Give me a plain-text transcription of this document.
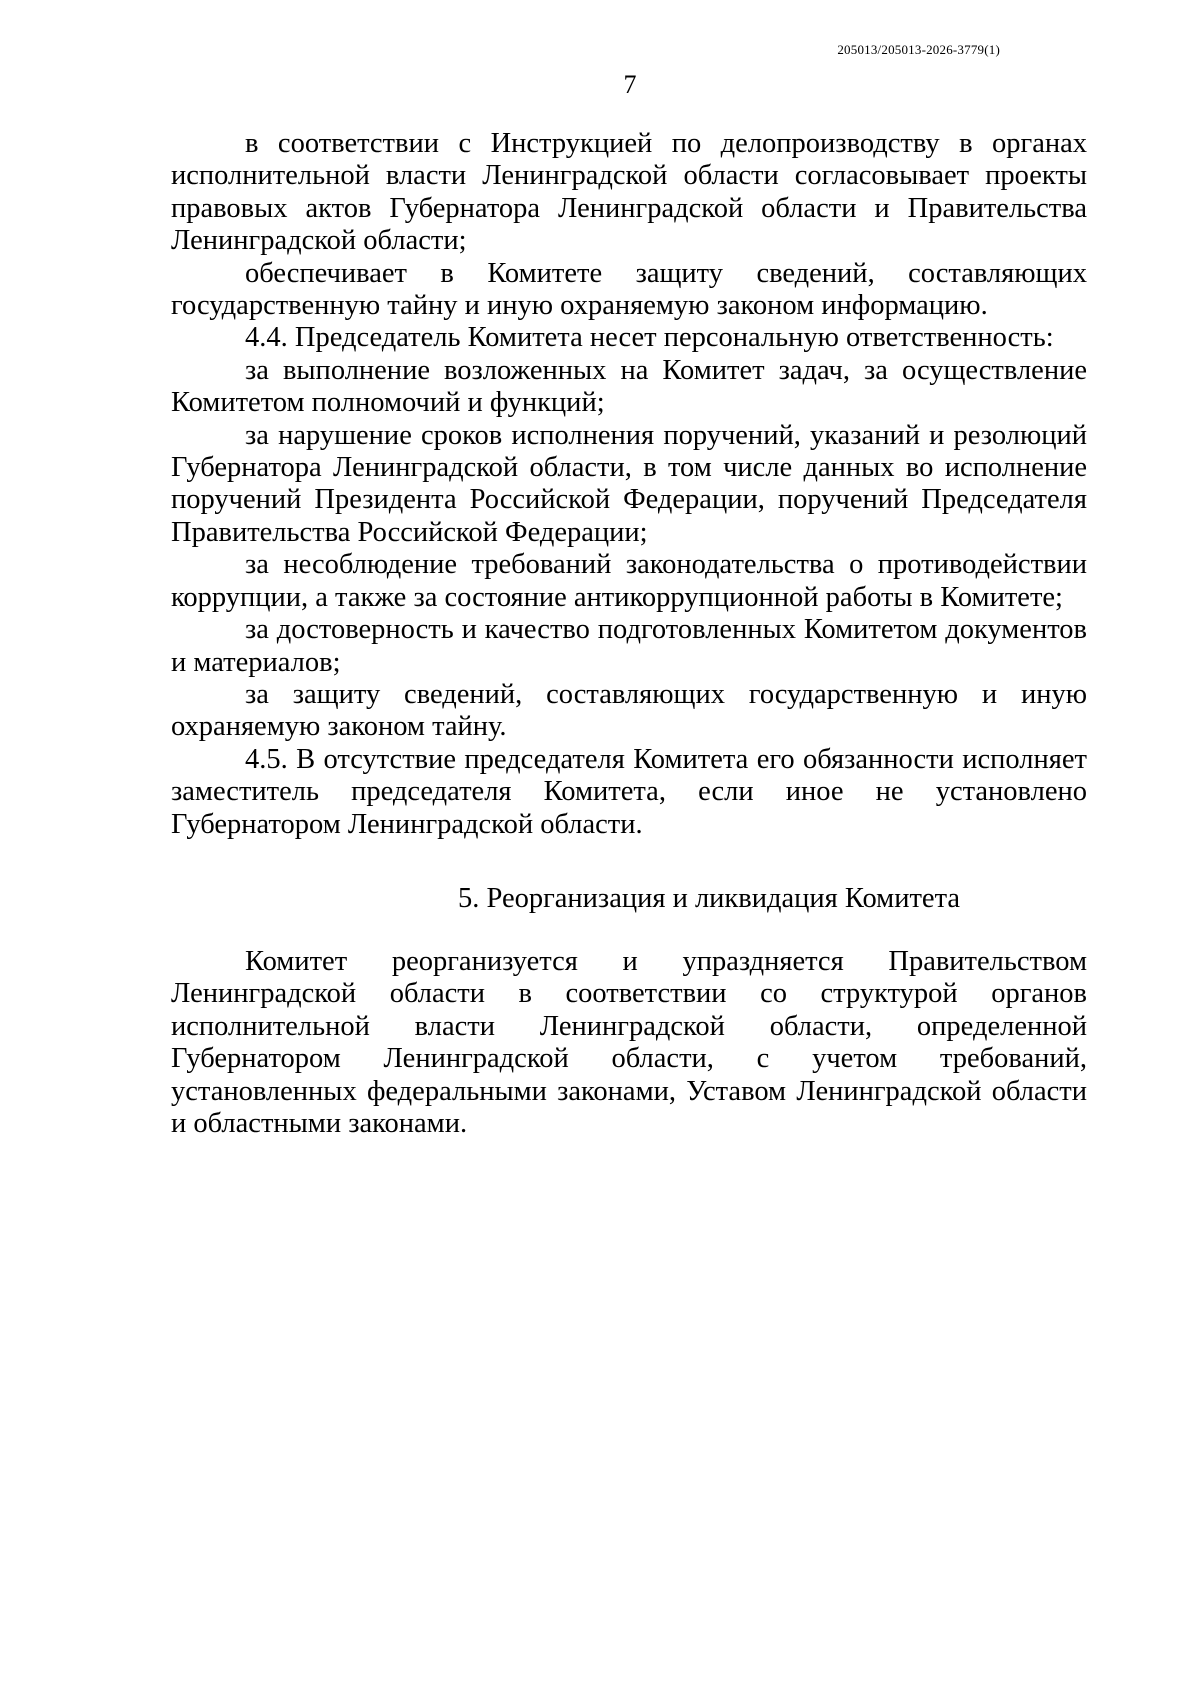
205013/205013-2026-3779(1)
7

в соответствии с Инструкцией по делопроизводству в органах исполнительной власти Ленинградской области согласовывает проекты правовых актов Губернатора Ленинградской области и Правительства Ленинградской области;

обеспечивает в Комитете защиту сведений, составляющих государственную тайну и иную охраняемую законом информацию.

4.4. Председатель Комитета несет персональную ответственность:

за выполнение возложенных на Комитет задач, за осуществление Комитетом полномочий и функций;

за нарушение сроков исполнения поручений, указаний и резолюций Губернатора Ленинградской области, в том числе данных во исполнение поручений Президента Российской Федерации, поручений Председателя Правительства Российской Федерации;

за несоблюдение требований законодательства о противодействии коррупции, а также за состояние антикоррупционной работы в Комитете;

за достоверность и качество подготовленных Комитетом документов и материалов;

за защиту сведений, составляющих государственную и иную охраняемую законом тайну.

4.5. В отсутствие председателя Комитета его обязанности исполняет заместитель председателя Комитета, если иное не установлено Губернатором Ленинградской области.

5. Реорганизация и ликвидация Комитета

Комитет реорганизуется и упраздняется Правительством Ленинградской области в соответствии со структурой органов исполнительной власти Ленинградской области, определенной Губернатором Ленинградской области, с учетом требований, установленных федеральными законами, Уставом Ленинградской области и областными законами.
